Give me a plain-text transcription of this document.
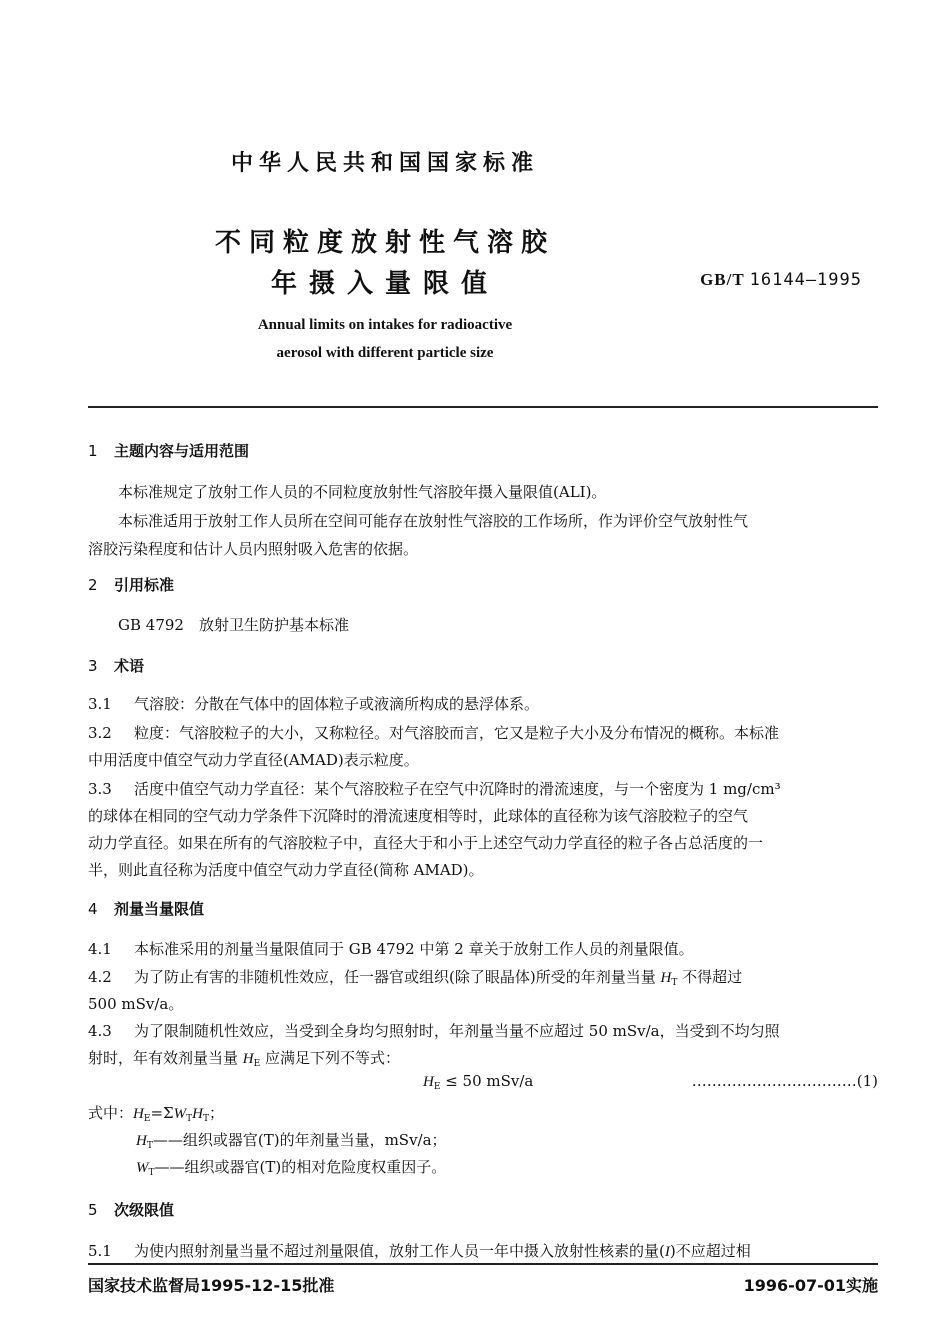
中华人民共和国国家标准
不同粒度放射性气溶胶
年摄入量限值	GB/T 16144—1995
Annual limits on intakes for radioactive
aerosol with different particle size
1 主题内容与适用范围
本标准规定了放射工作人员的不同粒度放射性气溶胶年摄入量限值(ALI)。
本标准适用于放射工作人员所在空间可能存在放射性气溶胶的工作场所，作为评价空气放射性气
溶胶污染程度和估计人员内照射吸入危害的依据。
2 引用标准
GB 4792　放射卫生防护基本标准
3 术语
3.1 气溶胶：分散在气体中的固体粒子或液滴所构成的悬浮体系。
3.2 粒度：气溶胶粒子的大小，又称粒径。对气溶胶而言，它又是粒子大小及分布情况的概称。本标准
中用活度中值空气动力学直径(AMAD)表示粒度。
3.3 活度中值空气动力学直径：某个气溶胶粒子在空气中沉降时的滑流速度，与一个密度为 1 mg/cm³
的球体在相同的空气动力学条件下沉降时的滑流速度相等时，此球体的直径称为该气溶胶粒子的空气
动力学直径。如果在所有的气溶胶粒子中，直径大于和小于上述空气动力学直径的粒子各占总活度的一
半，则此直径称为活度中值空气动力学直径(简称 AMAD)。
4 剂量当量限值
4.1 本标准采用的剂量当量限值同于 GB 4792 中第 2 章关于放射工作人员的剂量限值。
4.2 为了防止有害的非随机性效应，任一器官或组织(除了眼晶体)所受的年剂量当量 $H_T$ 不得超过
500 mSv/a。
4.3 为了限制随机性效应，当受到全身均匀照射时，年剂量当量不应超过 50 mSv/a，当受到不均匀照
射时，年有效剂量当量 $H_E$ 应满足下列不等式：
$H_E \le 50$ mSv/a	……………………………(1)
式中：$H_E=\Sigma W_TH_T$；
$H_T——$组织或器官(T)的年剂量当量，mSv/a；
$W_T——$组织或器官(T)的相对危险度权重因子。
5 次级限值
5.1 为使内照射剂量当量不超过剂量限值，放射工作人员一年中摄入放射性核素的量(I)不应超过相
国家技术监督局1995-12-15批准	1996-07-01实施
